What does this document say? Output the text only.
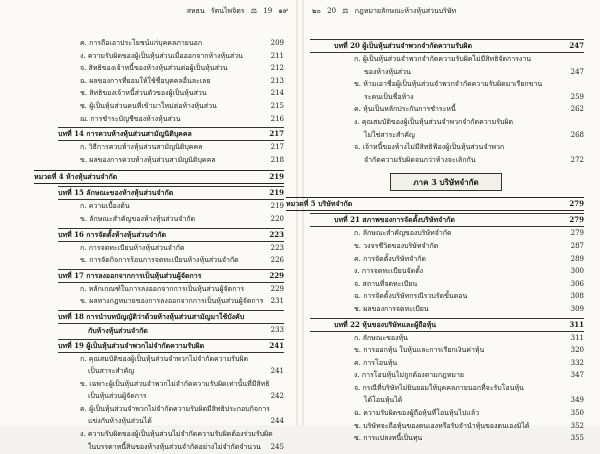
สหธน รัตนไพจิตร ⚖ 19 ๑๙
ค. การถือเอาประโยชน์แก่บุคคลภายนอก	209
ง. ความรับผิดของผู้เป็นหุ้นส่วนเมื่อออกจากห้างหุ้นส่วน	211
จ. สิทธิของเจ้าหนี้ของห้างหุ้นส่วนต่อผู้เป็นหุ้นส่วน	212
ฉ. ผลของการที่ยอมให้ใช้ชื่อบุคคลอื่นละเลย	213
ช. สิทธิของเจ้าหนี้ส่วนตัวของผู้เป็นหุ้นส่วน	214
ซ. ผู้เป็นหุ้นส่วนคนที่เข้ามาใหม่ต่อห้างหุ้นส่วน	215
ฌ. การชำระบัญชีของห้างหุ้นส่วน	216
บทที่ 14 การควบห้างหุ้นส่วนสามัญนิติบุคคล	217
ก. วิธีการควบห้างหุ้นส่วนสามัญนิติบุคคล	217
ข. ผลของการควบห้างหุ้นส่วนสามัญนิติบุคคล	218
หมวดที่ 4 ห้างหุ้นส่วนจำกัด	219
บทที่ 15 ลักษณะของห้างหุ้นส่วนจำกัด	219
ก. ความเบื้องต้น	219
ข. ลักษณะสำคัญของห้างหุ้นส่วนจำกัด	220
บทที่ 16 การจัดตั้งห้างหุ้นส่วนจำกัด	223
ก. การจดทะเบียนห้างหุ้นส่วนจำกัด	223
ข. การจัดกิจการร้อนการจดทะเบียนห้างหุ้นส่วนจำกัด	226
บทที่ 17 การลงออกจากการเป็นหุ้นส่วนผู้จัดการ	229
ก. หลักเกณฑ์ในการลงออกจากการเป็นหุ้นส่วนผู้จัดการ	229
ข. ผลทางกฎหมายของการลงออกจากการเป็นหุ้นส่วนผู้จัดการ	231
บทที่ 18 การนำบทบัญญัติว่าด้วยห้างหุ้นส่วนสามัญมาใช้บังคับ
กับห้างหุ้นส่วนจำกัด	233
บทที่ 19 ผู้เป็นหุ้นส่วนจำพวกไม่จำกัดความรับผิด	241
ก. คุณสมบัติของผู้เป็นหุ้นส่วนจำพวกไม่จำกัดความรับผิด
เป็นสาระสำคัญ	241
ข. เฉพาะผู้เป็นหุ้นส่วนจำพวกไม่จำกัดความรับผิดเท่านั้นที่มีสิทธิ
เป็นหุ้นส่วนผู้จัดการ	242
ค. ผู้เป็นหุ้นส่วนจำพวกไม่จำกัดความรับผิดมีสิทธิประกอบกิจการ
แข่งกับห้างหุ้นส่วนได้	244
ง. ความรับผิดของผู้เป็นหุ้นส่วนไม่จำกัดความรับผิดต้องร่วมรับผิด
ในบรรดาหนี้สินของห้างหุ้นส่วนจำกัดอย่างไม่จำกัดจำนวน	245
๒๐ 20 ⚖ กฎหมายลักษณะห้างหุ้นส่วนบริษัท
บทที่ 20 ผู้เป็นหุ้นส่วนจำพวกจำกัดความรับผิด	247
ก. ผู้เป็นหุ้นส่วนจำพวกจำกัดความรับผิดไม่มีสิทธิจัดการงาน
ของห้างหุ้นส่วน	247
ข. ห้ามเอาชื่อผู้เป็นหุ้นส่วนจำพวกจำกัดความรับผิดมาเรียกขาน
ระคนเป็นชื่อห้าง	259
ค. หุ้นเป็นหลักประกันการชำระหนี้	262
ง. คุณสมบัติของผู้เป็นหุ้นส่วนจำพวกจำกัดความรับผิด
ไม่ใช่สาระสำคัญ	268
จ. เจ้าหนี้ของห้างไม่มีสิทธิฟ้องผู้เป็นหุ้นส่วนจำพวก
จำกัดความรับผิดจนกว่าห้างจะเลิกกัน	272
ภาค 3 บริษัทจำกัด
หมวดที่ 5 บริษัทจำกัด	279
บทที่ 21 สภาพของการจัดตั้งบริษัทจำกัด	279
ก. ลักษณะสำคัญของบริษัทจำกัด	279
ข. วงจรชีวิตของบริษัทจำกัด	287
ค. การจัดตั้งบริษัทจำกัด	289
ง. การจดทะเบียนจัดตั้ง	300
จ. สถานที่จดทะเบียน	306
ฉ. การจัดตั้งบริษัทกรณีรวบรัดขั้นตอน	308
ช. ผลของการจดทะเบียน	309
บทที่ 22 หุ้นของบริษัทและผู้ถือหุ้น	311
ก. ลักษณะของหุ้น	311
ข. การออกหุ้น ใบหุ้นและการเรียกเงินค่าหุ้น	320
ค. การโอนหุ้น	332
ง. การโอนหุ้นไม่ถูกต้องตามกฎหมาย	347
จ. กรณีที่บริษัทไม่ยินยอมให้บุคคลภายนอกที่จะรับโอนหุ้น
ได้โอนหุ้นได้	349
ฉ. ความรับผิดของผู้ถือหุ้นที่โอนหุ้นไปแล้ว	350
ช. บริษัทจะถือหุ้นของตนเองหรือรับจำนำหุ้นของตนเองมิได้	352
ซ. การแปลงหนี้เป็นทุน	355
